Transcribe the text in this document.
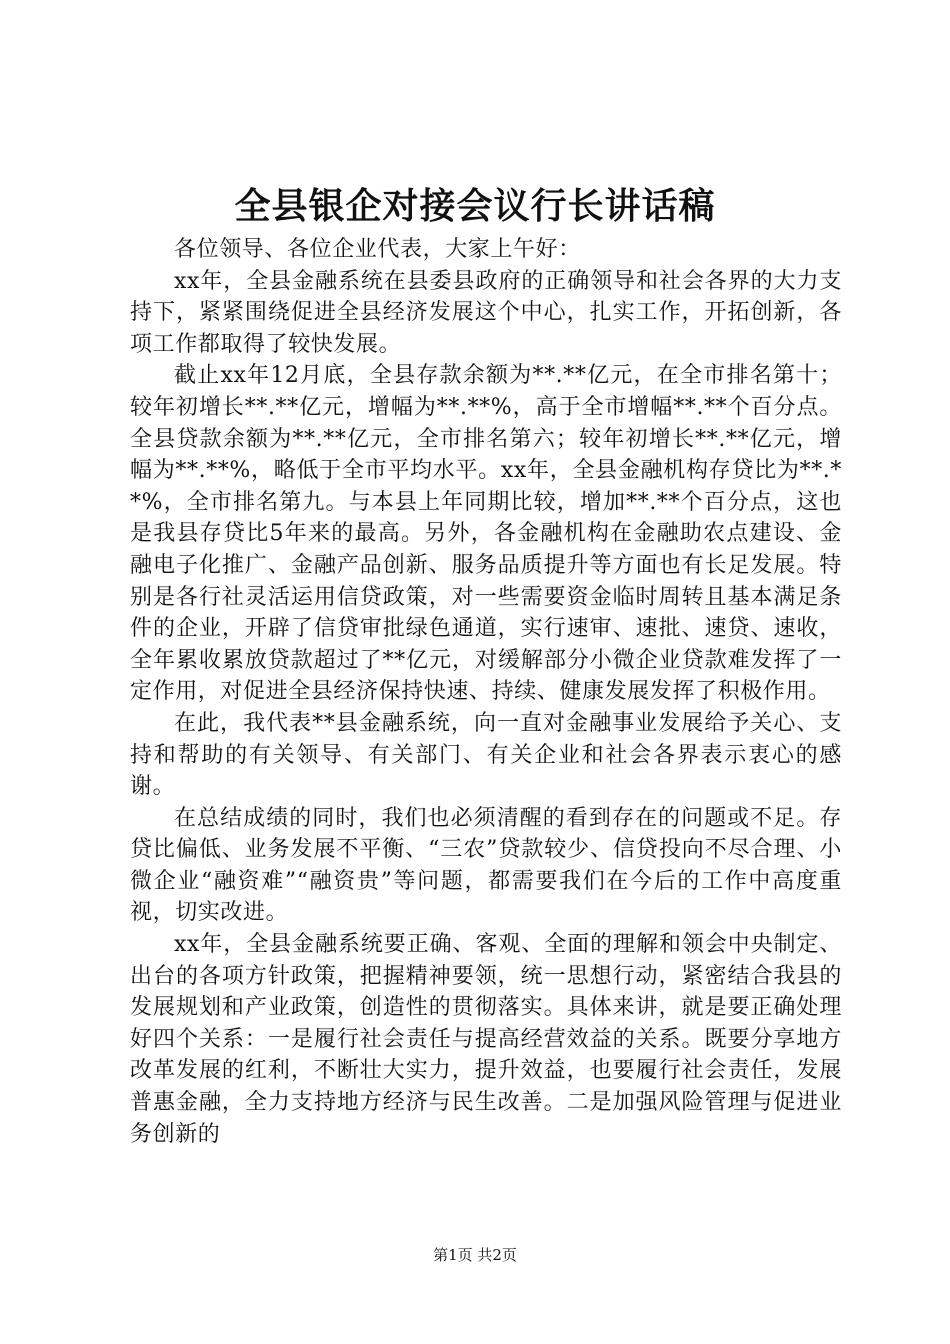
全县银企对接会议行长讲话稿

各位领导、各位企业代表，大家上午好：

xx年，全县金融系统在县委县政府的正确领导和社会各界的大力支持下，紧紧围绕促进全县经济发展这个中心，扎实工作，开拓创新，各项工作都取得了较快发展。

截止xx年12月底，全县存款余额为**.**亿元，在全市排名第十；较年初增长**.**亿元，增幅为**.**%，高于全市增幅**.**个百分点。全县贷款余额为**.**亿元，全市排名第六；较年初增长**.**亿元，增幅为**.**%，略低于全市平均水平。xx年，全县金融机构存贷比为**.**%，全市排名第九。与本县上年同期比较，增加**.**个百分点，这也是我县存贷比5年来的最高。另外，各金融机构在金融助农点建设、金融电子化推广、金融产品创新、服务品质提升等方面也有长足发展。特别是各行社灵活运用信贷政策，对一些需要资金临时周转且基本满足条件的企业，开辟了信贷审批绿色通道，实行速审、速批、速贷、速收，全年累收累放贷款超过了**亿元，对缓解部分小微企业贷款难发挥了一定作用，对促进全县经济保持快速、持续、健康发展发挥了积极作用。

在此，我代表**县金融系统，向一直对金融事业发展给予关心、支持和帮助的有关领导、有关部门、有关企业和社会各界表示衷心的感谢。

在总结成绩的同时，我们也必须清醒的看到存在的问题或不足。存贷比偏低、业务发展不平衡、“三农”贷款较少、信贷投向不尽合理、小微企业“融资难”“融资贵”等问题，都需要我们在今后的工作中高度重视，切实改进。

xx年，全县金融系统要正确、客观、全面的理解和领会中央制定、出台的各项方针政策，把握精神要领，统一思想行动，紧密结合我县的发展规划和产业政策，创造性的贯彻落实。具体来讲，就是要正确处理好四个关系：一是履行社会责任与提高经营效益的关系。既要分享地方改革发展的红利，不断壮大实力，提升效益，也要履行社会责任，发展普惠金融，全力支持地方经济与民生改善。二是加强风险管理与促进业务创新的

第1页 共2页
